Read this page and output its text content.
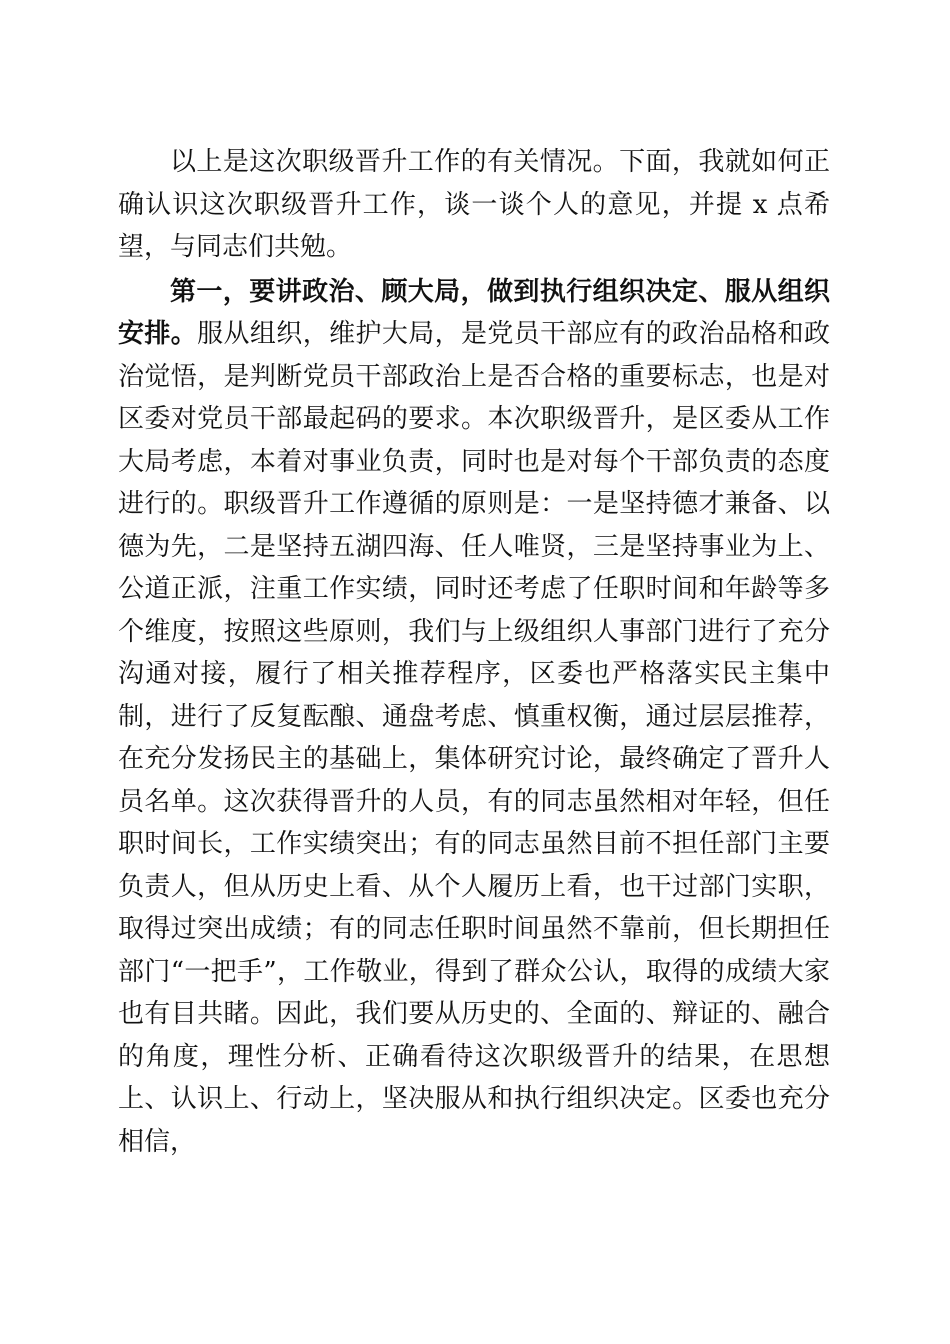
以上是这次职级晋升工作的有关情况。下面，我就如何正确认识这次职级晋升工作，谈一谈个人的意见，并提 x 点希望，与同志们共勉。

第一，要讲政治、顾大局，做到执行组织决定、服从组织安排。服从组织，维护大局，是党员干部应有的政治品格和政治觉悟，是判断党员干部政治上是否合格的重要标志，也是对区委对党员干部最起码的要求。本次职级晋升，是区委从工作大局考虑，本着对事业负责，同时也是对每个干部负责的态度进行的。职级晋升工作遵循的原则是：一是坚持德才兼备、以德为先，二是坚持五湖四海、任人唯贤，三是坚持事业为上、公道正派，注重工作实绩，同时还考虑了任职时间和年龄等多个维度，按照这些原则，我们与上级组织人事部门进行了充分沟通对接，履行了相关推荐程序，区委也严格落实民主集中制，进行了反复酝酿、通盘考虑、慎重权衡，通过层层推荐，在充分发扬民主的基础上，集体研究讨论，最终确定了晋升人员名单。这次获得晋升的人员，有的同志虽然相对年轻，但任职时间长，工作实绩突出；有的同志虽然目前不担任部门主要负责人，但从历史上看、从个人履历上看，也干过部门实职，取得过突出成绩；有的同志任职时间虽然不靠前，但长期担任部门“一把手”，工作敬业，得到了群众公认，取得的成绩大家也有目共睹。因此，我们要从历史的、全面的、辩证的、融合的角度，理性分析、正确看待这次职级晋升的结果，在思想上、认识上、行动上，坚决服从和执行组织决定。区委也充分相信，
